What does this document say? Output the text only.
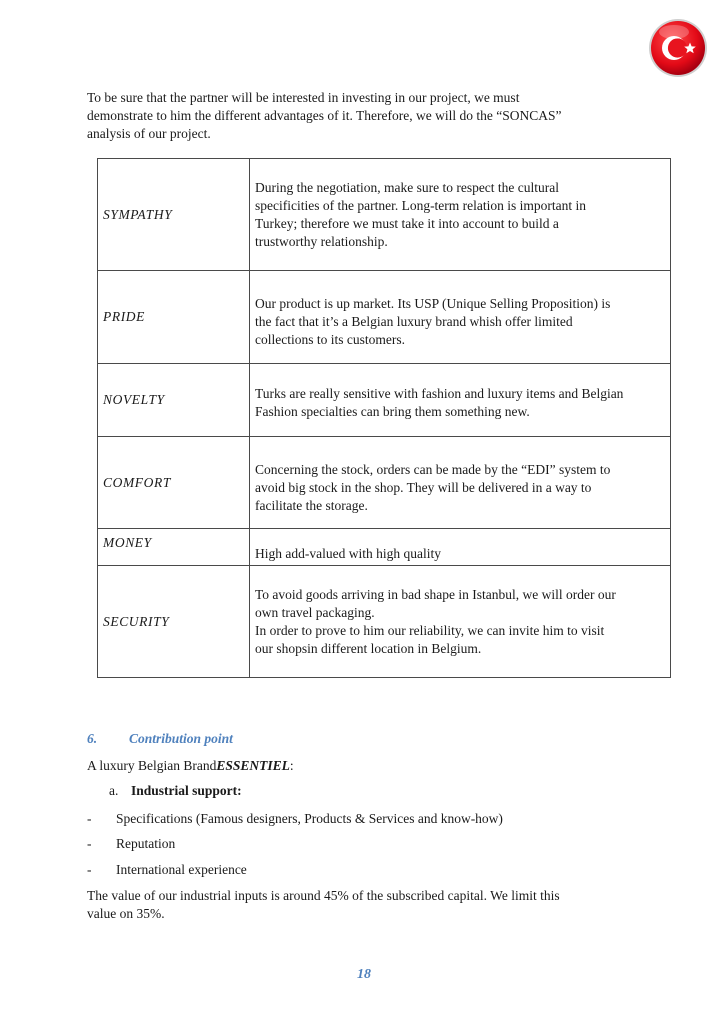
To be sure that the partner will be interested in investing in our project, we must
demonstrate to him the different advantages of it. Therefore, we will do the “SONCAS”
analysis of our project.

SYMPATHY	During the negotiation, make sure to respect the cultural
specificities of the partner. Long-term relation is important in
Turkey; therefore we must take it into account to build a
trustworthy relationship.
PRIDE	Our product is up market. Its USP (Unique Selling Proposition) is
the fact that it’s a Belgian luxury brand whish offer limited
collections to its customers.
NOVELTY	Turks are really sensitive with fashion and luxury items and Belgian
Fashion specialties can bring them something new.
COMFORT	Concerning the stock, orders can be made by the “EDI” system to
avoid big stock in the shop. They will be delivered in a way to
facilitate the storage.
MONEY	High add-valued with high quality
SECURITY	To avoid goods arriving in bad shape in Istanbul, we will order our
own travel packaging.
In order to prove to him our reliability, we can invite him to visit
our shopsin different location in Belgium.

6. Contribution point

A luxury Belgian BrandESSENTIEL:

a. Industrial support:

- Specifications (Famous designers, Products & Services and know-how)

- Reputation

- International experience

The value of our industrial inputs is around 45% of the subscribed capital. We limit this
value on 35%.

18
